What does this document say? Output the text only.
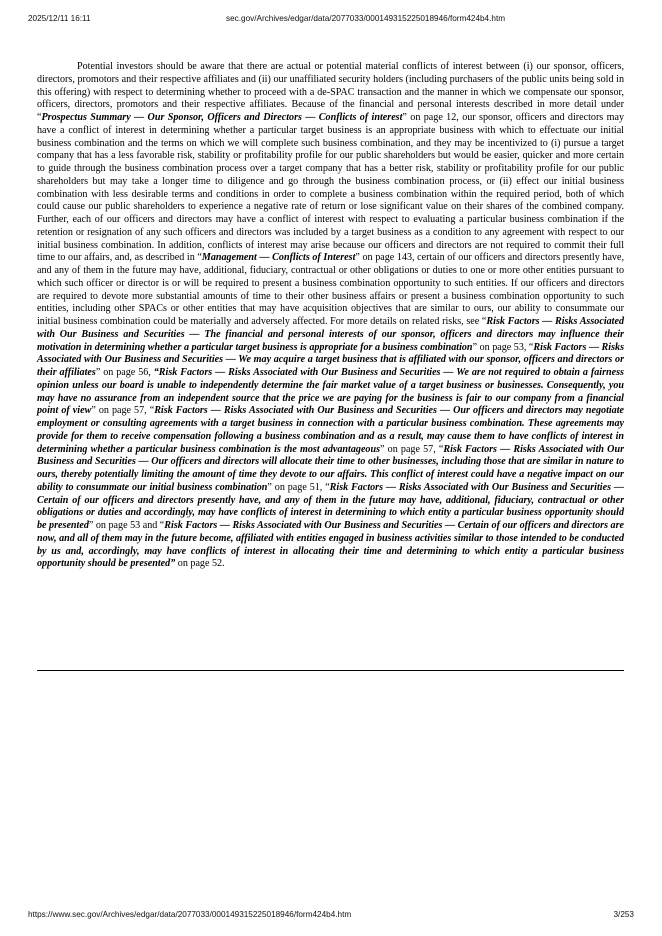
2025/12/11 16:11	sec.gov/Archives/edgar/data/2077033/000149315225018946/form424b4.htm

Potential investors should be aware that there are actual or potential material conflicts of interest between (i) our sponsor, officers, directors, promotors and their respective affiliates and (ii) our unaffiliated security holders (including purchasers of the public units being sold in this offering) with respect to determining whether to proceed with a de-SPAC transaction and the manner in which we compensate our sponsor, officers, directors, promotors and their respective affiliates. Because of the financial and personal interests described in more detail under “Prospectus Summary — Our Sponsor, Officers and Directors — Conflicts of interest” on page 12, our sponsor, officers and directors may have a conflict of interest in determining whether a particular target business is an appropriate business with which to effectuate our initial business combination and the terms on which we will complete such business combination, and they may be incentivized to (i) pursue a target company that has a less favorable risk, stability or profitability profile for our public shareholders but would be easier, quicker and more certain to guide through the business combination process over a target company that has a better risk, stability or profitability profile for our public shareholders but may take a longer time to diligence and go through the business combination process, or (ii) effect our initial business combination with less desirable terms and conditions in order to complete a business combination within the required period, both of which could cause our public shareholders to experience a negative rate of return or lose significant value on their shares of the combined company. Further, each of our officers and directors may have a conflict of interest with respect to evaluating a particular business combination if the retention or resignation of any such officers and directors was included by a target business as a condition to any agreement with respect to our initial business combination. In addition, conflicts of interest may arise because our officers and directors are not required to commit their full time to our affairs, and, as described in “Management — Conflicts of Interest” on page 143, certain of our officers and directors presently have, and any of them in the future may have, additional, fiduciary, contractual or other obligations or duties to one or more other entities pursuant to which such officer or director is or will be required to present a business combination opportunity to such entities. If our officers and directors are required to devote more substantial amounts of time to their other business affairs or present a business combination opportunity to such entities, including other SPACs or other entities that may have acquisition objectives that are similar to ours, our ability to consummate our initial business combination could be materially and adversely affected. For more details on related risks, see “Risk Factors — Risks Associated with Our Business and Securities — The financial and personal interests of our sponsor, officers and directors may influence their motivation in determining whether a particular target business is appropriate for a business combination” on page 53, “Risk Factors — Risks Associated with Our Business and Securities — We may acquire a target business that is affiliated with our sponsor, officers and directors or their affiliates” on page 56, “Risk Factors — Risks Associated with Our Business and Securities — We are not required to obtain a fairness opinion unless our board is unable to independently determine the fair market value of a target business or businesses. Consequently, you may have no assurance from an independent source that the price we are paying for the business is fair to our company from a financial point of view” on page 57, “Risk Factors — Risks Associated with Our Business and Securities — Our officers and directors may negotiate employment or consulting agreements with a target business in connection with a particular business combination. These agreements may provide for them to receive compensation following a business combination and as a result, may cause them to have conflicts of interest in determining whether a particular business combination is the most advantageous” on page 57, “Risk Factors — Risks Associated with Our Business and Securities — Our officers and directors will allocate their time to other businesses, including those that are similar in nature to ours, thereby potentially limiting the amount of time they devote to our affairs. This conflict of interest could have a negative impact on our ability to consummate our initial business combination” on page 51, “Risk Factors — Risks Associated with Our Business and Securities —Certain of our officers and directors presently have, and any of them in the future may have, additional, fiduciary, contractual or other obligations or duties and accordingly, may have conflicts of interest in determining to which entity a particular business opportunity should be presented” on page 53 and “Risk Factors — Risks Associated with Our Business and Securities — Certain of our officers and directors are now, and all of them may in the future become, affiliated with entities engaged in business activities similar to those intended to be conducted by us and, accordingly, may have conflicts of interest in allocating their time and determining to which entity a particular business opportunity should be presented” on page 52.

https://www.sec.gov/Archives/edgar/data/2077033/000149315225018946/form424b4.htm	3/253
